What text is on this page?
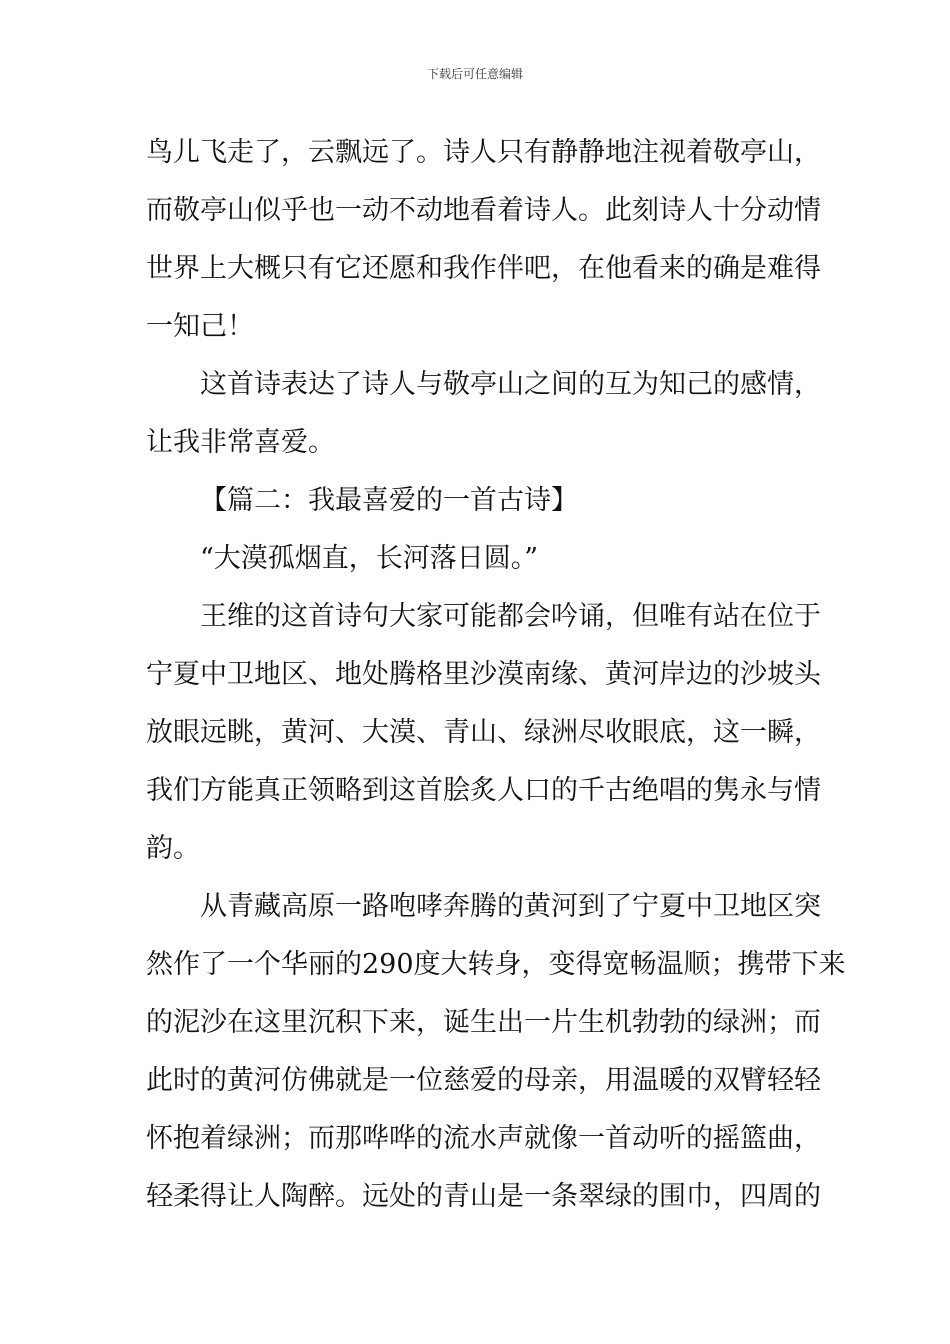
下载后可任意编辑
鸟儿飞走了，云飘远了。诗人只有静静地注视着敬亭山，
而敬亭山似乎也一动不动地看着诗人。此刻诗人十分动情
世界上大概只有它还愿和我作伴吧，在他看来的确是难得
一知己！
这首诗表达了诗人与敬亭山之间的互为知己的感情，
让我非常喜爱。
【篇二：我最喜爱的一首古诗】
“大漠孤烟直，长河落日圆。”
王维的这首诗句大家可能都会吟诵，但唯有站在位于
宁夏中卫地区、地处腾格里沙漠南缘、黄河岸边的沙坡头
放眼远眺，黄河、大漠、青山、绿洲尽收眼底，这一瞬，
我们方能真正领略到这首脍炙人口的千古绝唱的隽永与情
韵。
从青藏高原一路咆哮奔腾的黄河到了宁夏中卫地区突
然作了一个华丽的290度大转身，变得宽畅温顺；携带下来
的泥沙在这里沉积下来，诞生出一片生机勃勃的绿洲；而
此时的黄河仿佛就是一位慈爱的母亲，用温暖的双臂轻轻
怀抱着绿洲；而那哗哗的流水声就像一首动听的摇篮曲，
轻柔得让人陶醉。远处的青山是一条翠绿的围巾，四周的
